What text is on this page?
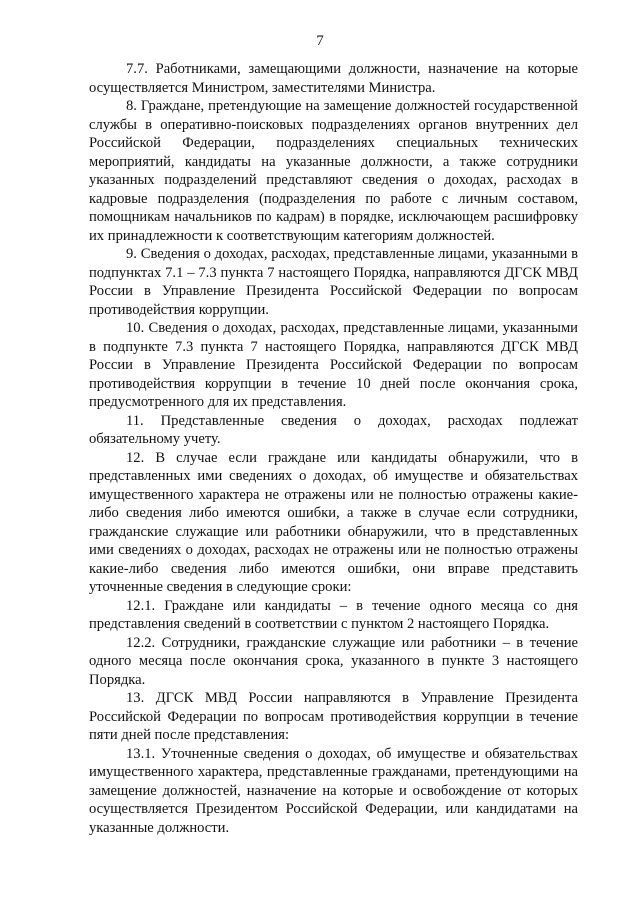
7

7.7. Работниками, замещающими должности, назначение на которые осуществляется Министром, заместителями Министра.

8. Граждане, претендующие на замещение должностей государственной службы в оперативно-поисковых подразделениях органов внутренних дел Российской Федерации, подразделениях специальных технических мероприятий, кандидаты на указанные должности, а также сотрудники указанных подразделений представляют сведения о доходах, расходах в кадровые подразделения (подразделения по работе с личным составом, помощникам начальников по кадрам) в порядке, исключающем расшифровку их принадлежности к соответствующим категориям должностей.

9. Сведения о доходах, расходах, представленные лицами, указанными в подпунктах 7.1 – 7.3 пункта 7 настоящего Порядка, направляются ДГСК МВД России в Управление Президента Российской Федерации по вопросам противодействия коррупции.

10. Сведения о доходах, расходах, представленные лицами, указанными в подпункте 7.3 пункта 7 настоящего Порядка, направляются ДГСК МВД России в Управление Президента Российской Федерации по вопросам противодействия коррупции в течение 10 дней после окончания срока, предусмотренного для их представления.

11. Представленные сведения о доходах, расходах подлежат обязательному учету.

12. В случае если граждане или кандидаты обнаружили, что в представленных ими сведениях о доходах, об имуществе и обязательствах имущественного характера не отражены или не полностью отражены какие-либо сведения либо имеются ошибки, а также в случае если сотрудники, гражданские служащие или работники обнаружили, что в представленных ими сведениях о доходах, расходах не отражены или не полностью отражены какие-либо сведения либо имеются ошибки, они вправе представить уточненные сведения в следующие сроки:

12.1. Граждане или кандидаты – в течение одного месяца со дня представления сведений в соответствии с пунктом 2 настоящего Порядка.

12.2. Сотрудники, гражданские служащие или работники – в течение одного месяца после окончания срока, указанного в пункте 3 настоящего Порядка.

13. ДГСК МВД России направляются в Управление Президента Российской Федерации по вопросам противодействия коррупции в течение пяти дней после представления:

13.1. Уточненные сведения о доходах, об имуществе и обязательствах имущественного характера, представленные гражданами, претендующими на замещение должностей, назначение на которые и освобождение от которых осуществляется Президентом Российской Федерации, или кандидатами на указанные должности.
